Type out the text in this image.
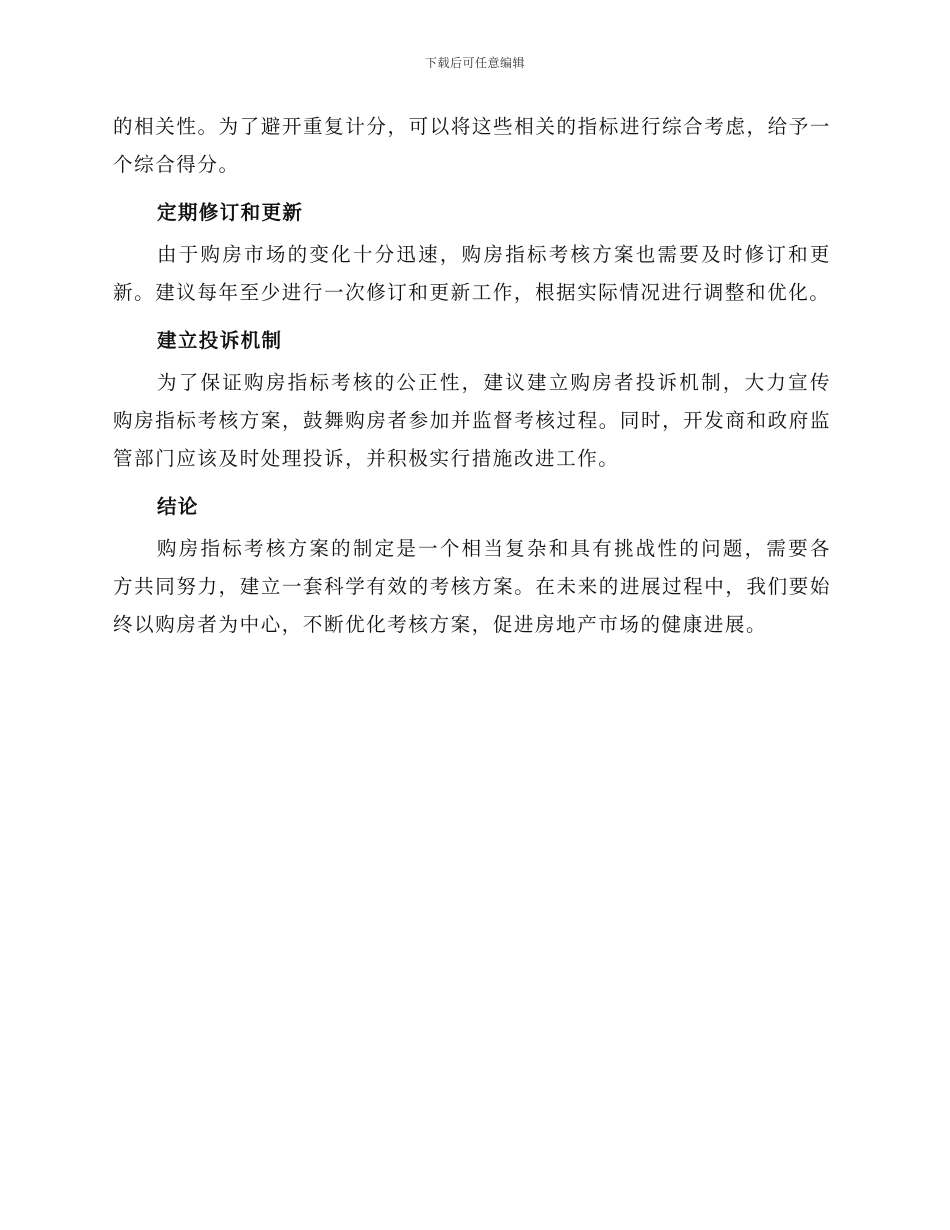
下载后可任意编辑

的相关性。为了避开重复计分，可以将这些相关的指标进行综合考虑，给予一个综合得分。

定期修订和更新

由于购房市场的变化十分迅速，购房指标考核方案也需要及时修订和更新。建议每年至少进行一次修订和更新工作，根据实际情况进行调整和优化。

建立投诉机制

为了保证购房指标考核的公正性，建议建立购房者投诉机制，大力宣传购房指标考核方案，鼓舞购房者参加并监督考核过程。同时，开发商和政府监管部门应该及时处理投诉，并积极实行措施改进工作。

结论

购房指标考核方案的制定是一个相当复杂和具有挑战性的问题，需要各方共同努力，建立一套科学有效的考核方案。在未来的进展过程中，我们要始终以购房者为中心，不断优化考核方案，促进房地产市场的健康进展。
